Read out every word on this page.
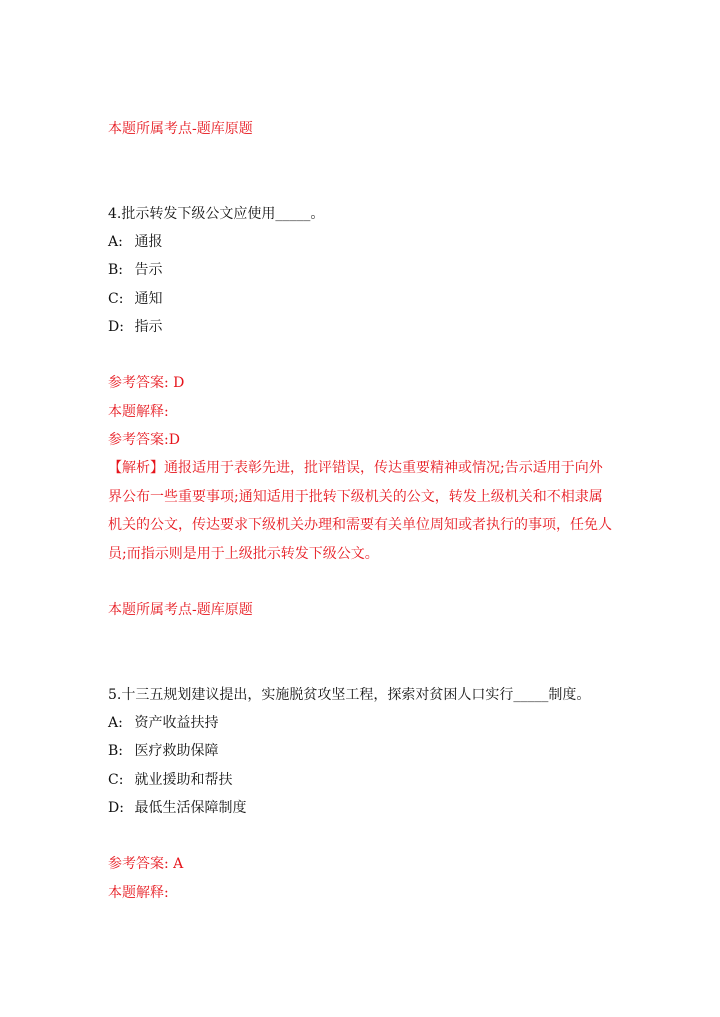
本题所属考点-题库原题
4.批示转发下级公文应使用_____。
A: 通报
B: 告示
C: 通知
D: 指示
参考答案: D
本题解释:
参考答案:D
【解析】通报适用于表彰先进，批评错误，传达重要精神或情况;告示适用于向外界公布一些重要事项;通知适用于批转下级机关的公文，转发上级机关和不相隶属机关的公文，传达要求下级机关办理和需要有关单位周知或者执行的事项，任免人员;而指示则是用于上级批示转发下级公文。
本题所属考点-题库原题
5.十三五规划建议提出，实施脱贫攻坚工程，探索对贫困人口实行_____制度。
A: 资产收益扶持
B: 医疗救助保障
C: 就业援助和帮扶
D: 最低生活保障制度
参考答案: A
本题解释:
